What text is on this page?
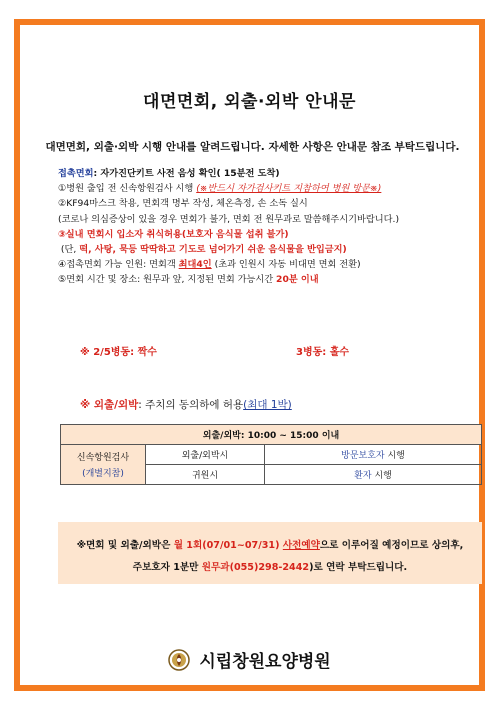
대면면회, 외출·외박 안내문
대면면회, 외출·외박 시행 안내를 알려드립니다. 자세한 사항은 안내문 참조 부탁드립니다.
접촉면회: 자가진단키트 사전 음성 확인( 15분전 도착)
①병원 출입 전 신속항원검사 시행 (※반드시 자가검사키트 지참하여 병원 방문※)
②KF94마스크 착용, 면회객 명부 작성, 체온측정, 손 소독 실시
(코로나 의심증상이 있을 경우 면회가 불가, 면회 전 원무과로 말씀해주시기바랍니다.)
③실내 면회시 입소자 취식허용(보호자 음식물 섭취 불가)
(단, 떡, 사탕, 묵등 딱딱하고 기도로 넘어가기 쉬운 음식물을 반입금지)
④접촉면회 가능 인원: 면회객 최대4인 (초과 인원시 자동 비대면 면회 전환)
⑤면회 시간 및 장소: 원무과 앞, 지정된 면회 가능시간 20분 이내
※ 2/5병동: 짝수	3병동: 홀수
※ 외출/외박: 주치의 동의하에 허용(최대 1박)
외출/외박: 10:00 ~ 15:00 이내		

신속항원검사
(개별지참)	외출/외박시	방문보호자 시행
	귀원시	환자 시행
※면회 및 외출/외박은 월 1회(07/01~07/31) 사전예약으로 이루어질 예정이므로 상의후,
주보호자 1분만 원무과(055)298-2442)로 연락 부탁드립니다.
시립창원요양병원
